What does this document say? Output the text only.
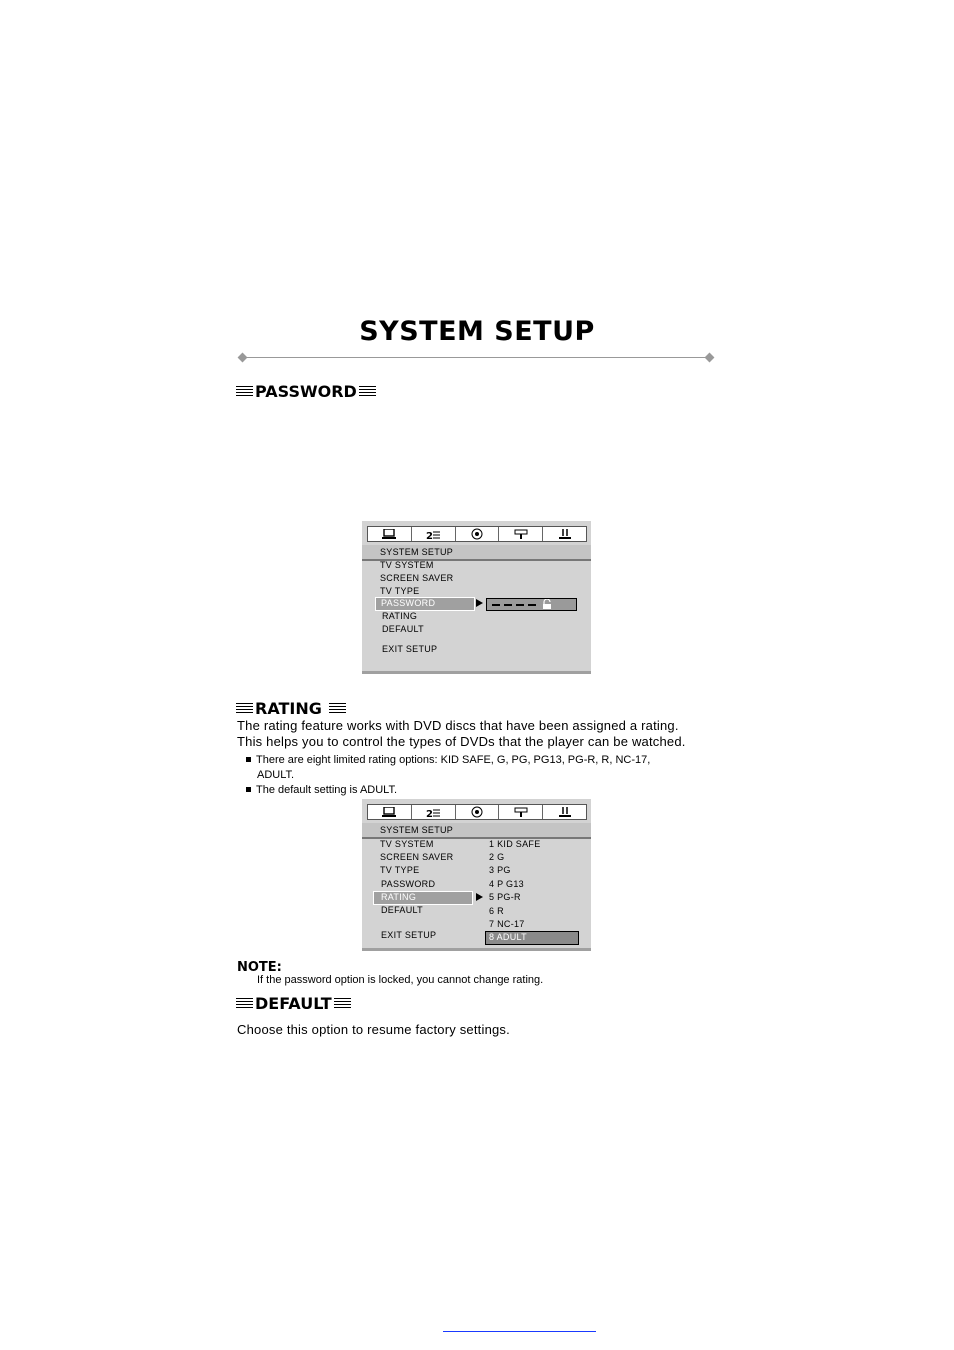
SYSTEM SETUP
PASSWORD
2
SYSTEM SETUP
TV SYSTEM
SCREEN SAVER
TV TYPE
PASSWORD
RATING
DEFAULT
EXIT SETUP
RATING
The rating feature works with DVD discs that have been assigned a rating.
This helps you to control the types of DVDs that the player can be watched.
There are eight limited rating options: KID SAFE, G, PG, PG13, PG-R, R, NC-17,
ADULT.
The default setting is ADULT.
2
SYSTEM SETUP
TV SYSTEM
SCREEN SAVER
TV TYPE
PASSWORD
RATING
DEFAULT
EXIT SETUP
1 KID SAFE
2 G
3 PG
4 P G13
5 PG-R
6 R
7 NC-17
8 ADULT
NOTE:
If the password option is locked, you cannot change rating.
DEFAULT
Choose this option to resume factory settings.
